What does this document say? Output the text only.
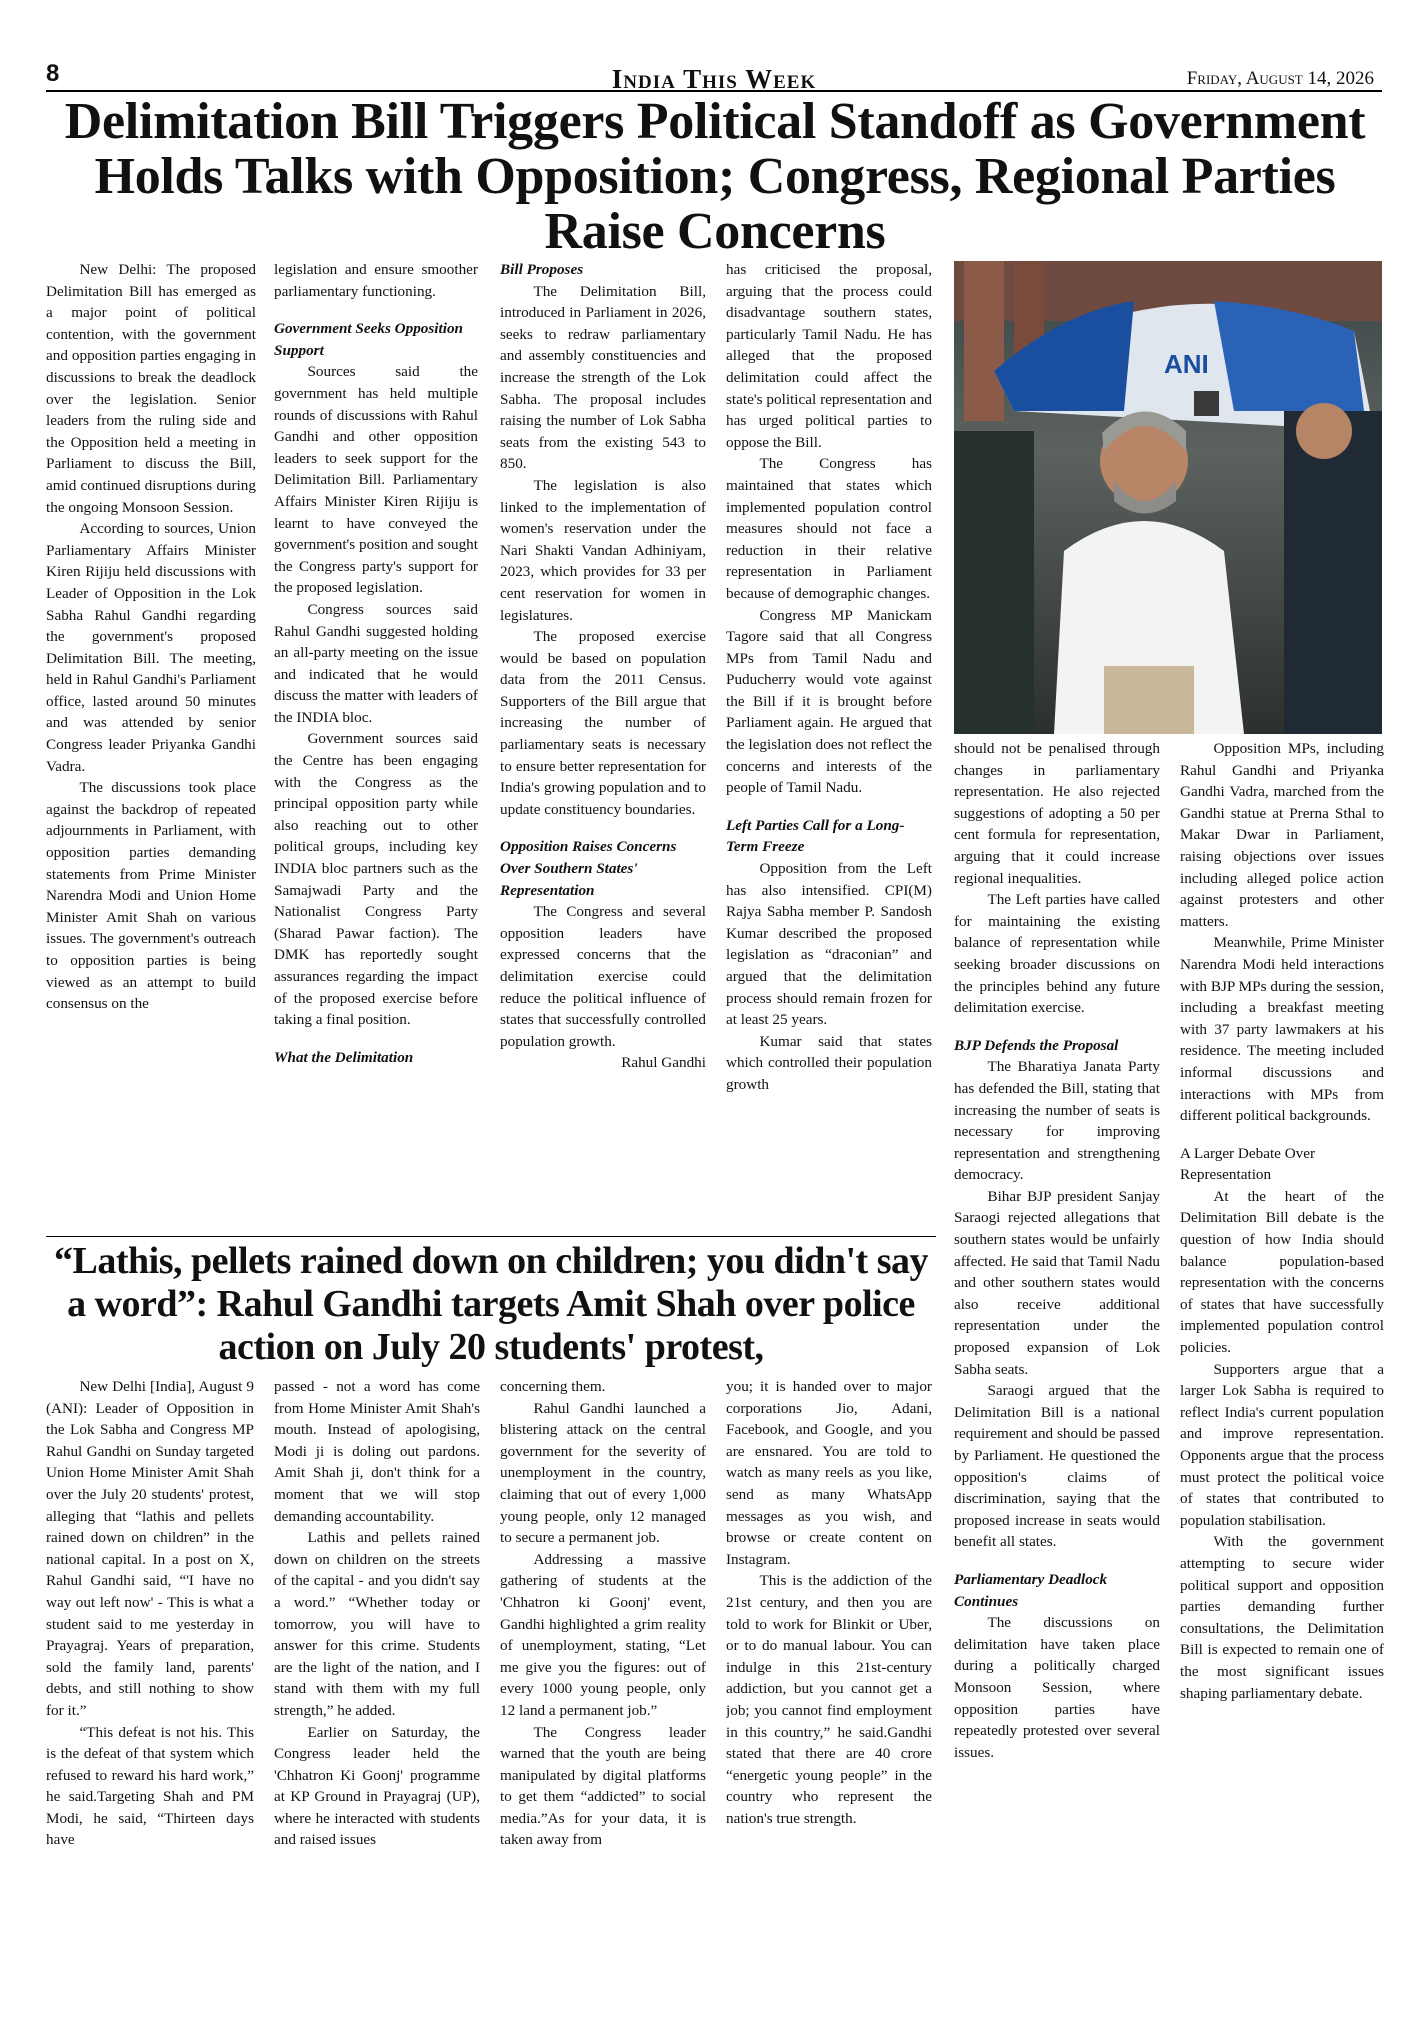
8	India This Week	Friday, August 14, 2026
Delimitation Bill Triggers Political Standoff as Government Holds Talks with Opposition; Congress, Regional Parties Raise Concerns

New Delhi: The proposed Delimitation Bill has emerged as a major point of political contention, with the government and opposition parties engaging in discussions to break the deadlock over the legislation. Senior leaders from the ruling side and the Opposition held a meeting in Parliament to discuss the Bill, amid continued disruptions during the ongoing Monsoon Session.

According to sources, Union Parliamentary Affairs Minister Kiren Rijiju held discussions with Leader of Opposition in the Lok Sabha Rahul Gandhi regarding the government's proposed Delimitation Bill. The meeting, held in Rahul Gandhi's Parliament office, lasted around 50 minutes and was attended by senior Congress leader Priyanka Gandhi Vadra.

The discussions took place against the backdrop of repeated adjournments in Parliament, with opposition parties demanding statements from Prime Minister Narendra Modi and Union Home Minister Amit Shah on various issues. The government's outreach to opposition parties is being viewed as an attempt to build consensus on the

legislation and ensure smoother parliamentary functioning.

Government Seeks Opposition Support

Sources said the government has held multiple rounds of discussions with Rahul Gandhi and other opposition leaders to seek support for the Delimitation Bill. Parliamentary Affairs Minister Kiren Rijiju is learnt to have conveyed the government's position and sought the Congress party's support for the proposed legislation.

Congress sources said Rahul Gandhi suggested holding an all-party meeting on the issue and indicated that he would discuss the matter with leaders of the INDIA bloc.

Government sources said the Centre has been engaging with the Congress as the principal opposition party while also reaching out to other political groups, including key INDIA bloc partners such as the Samajwadi Party and the Nationalist Congress Party (Sharad Pawar faction). The DMK has reportedly sought assurances regarding the impact of the proposed exercise before taking a final position.

What the Delimitation
Bill Proposes

The Delimitation Bill, introduced in Parliament in 2026, seeks to redraw parliamentary and assembly constituencies and increase the strength of the Lok Sabha. The proposal includes raising the number of Lok Sabha seats from the existing 543 to 850.

The legislation is also linked to the implementation of women's reservation under the Nari Shakti Vandan Adhiniyam, 2023, which provides for 33 per cent reservation for women in legislatures.

The proposed exercise would be based on population data from the 2011 Census. Supporters of the Bill argue that increasing the number of parliamentary seats is necessary to ensure better representation for India's growing population and to update constituency boundaries.

Opposition Raises Concerns Over Southern States' Representation

The Congress and several opposition leaders have expressed concerns that the delimitation exercise could reduce the political influence of states that successfully controlled population growth.

Rahul Gandhi

has criticised the proposal, arguing that the process could disadvantage southern states, particularly Tamil Nadu. He has alleged that the proposed delimitation could affect the state's political representation and has urged political parties to oppose the Bill.

The Congress has maintained that states which implemented population control measures should not face a reduction in their relative representation in Parliament because of demographic changes.

Congress MP Manickam Tagore said that all Congress MPs from Tamil Nadu and Puducherry would vote against the Bill if it is brought before Parliament again. He argued that the legislation does not reflect the concerns and interests of the people of Tamil Nadu.

Left Parties Call for a Long-Term Freeze

Opposition from the Left has also intensified. CPI(M) Rajya Sabha member P. Sandosh Kumar described the proposed legislation as “draconian” and argued that the delimitation process should remain frozen for at least 25 years.

Kumar said that states which controlled their population growth

ANI

should not be penalised through changes in parliamentary representation. He also rejected suggestions of adopting a 50 per cent formula for representation, arguing that it could increase regional inequalities.

The Left parties have called for maintaining the existing balance of representation while seeking broader discussions on the principles behind any future delimitation exercise.

BJP Defends the Proposal

The Bharatiya Janata Party has defended the Bill, stating that increasing the number of seats is necessary for improving representation and strengthening democracy.

Bihar BJP president Sanjay Saraogi rejected allegations that southern states would be unfairly affected. He said that Tamil Nadu and other southern states would also receive additional representation under the proposed expansion of Lok Sabha seats.

Saraogi argued that the Delimitation Bill is a national requirement and should be passed by Parliament. He questioned the opposition's claims of discrimination, saying that the proposed increase in seats would benefit all states.

Parliamentary Deadlock Continues

The discussions on delimitation have taken place during a politically charged Monsoon Session, where opposition parties have repeatedly protested over several issues.

Opposition MPs, including Rahul Gandhi and Priyanka Gandhi Vadra, marched from the Gandhi statue at Prerna Sthal to Makar Dwar in Parliament, raising objections over issues including alleged police action against protesters and other matters.

Meanwhile, Prime Minister Narendra Modi held interactions with BJP MPs during the session, including a breakfast meeting with 37 party lawmakers at his residence. The meeting included informal discussions and interactions with MPs from different political backgrounds.

A Larger Debate Over Representation

At the heart of the Delimitation Bill debate is the question of how India should balance population-based representation with the concerns of states that have successfully implemented population control policies.

Supporters argue that a larger Lok Sabha is required to reflect India's current population and improve representation. Opponents argue that the process must protect the political voice of states that contributed to population stabilisation.

With the government attempting to secure wider political support and opposition parties demanding further consultations, the Delimitation Bill is expected to remain one of the most significant issues shaping parliamentary debate.

“Lathis, pellets rained down on children; you didn't say a word”: Rahul Gandhi targets Amit Shah over police action on July 20 students' protest,

New Delhi [India], August 9 (ANI): Leader of Opposition in the Lok Sabha and Congress MP Rahul Gandhi on Sunday targeted Union Home Minister Amit Shah over the July 20 students' protest, alleging that “lathis and pellets rained down on children” in the national capital. In a post on X, Rahul Gandhi said, “'I have no way out left now' - This is what a student said to me yesterday in Prayagraj. Years of preparation, sold the family land, parents' debts, and still nothing to show for it.”

“This defeat is not his. This is the defeat of that system which refused to reward his hard work,” he said.Targeting Shah and PM Modi, he said, “Thirteen days have

passed - not a word has come from Home Minister Amit Shah's mouth. Instead of apologising, Modi ji is doling out pardons. Amit Shah ji, don't think for a moment that we will stop demanding accountability.

Lathis and pellets rained down on children on the streets of the capital - and you didn't say a word.” “Whether today or tomorrow, you will have to answer for this crime. Students are the light of the nation, and I stand with them with my full strength,” he added.

Earlier on Saturday, the Congress leader held the 'Chhatron Ki Goonj' programme at KP Ground in Prayagraj (UP), where he interacted with students and raised issues

concerning them.

Rahul Gandhi launched a blistering attack on the central government for the severity of unemployment in the country, claiming that out of every 1,000 young people, only 12 managed to secure a permanent job.

Addressing a massive gathering of students at the 'Chhatron ki Goonj' event, Gandhi highlighted a grim reality of unemployment, stating, “Let me give you the figures: out of every 1000 young people, only 12 land a permanent job.”

The Congress leader warned that the youth are being manipulated by digital platforms to get them “addicted” to social media.”As for your data, it is taken away from

you; it is handed over to major corporations Jio, Adani, Facebook, and Google, and you are ensnared. You are told to watch as many reels as you like, send as many WhatsApp messages as you wish, and browse or create content on Instagram.

This is the addiction of the 21st century, and then you are told to work for Blinkit or Uber, or to do manual labour. You can indulge in this 21st-century addiction, but you cannot get a job; you cannot find employment in this country,” he said.Gandhi stated that there are 40 crore “energetic young people” in the country who represent the nation's true strength.
